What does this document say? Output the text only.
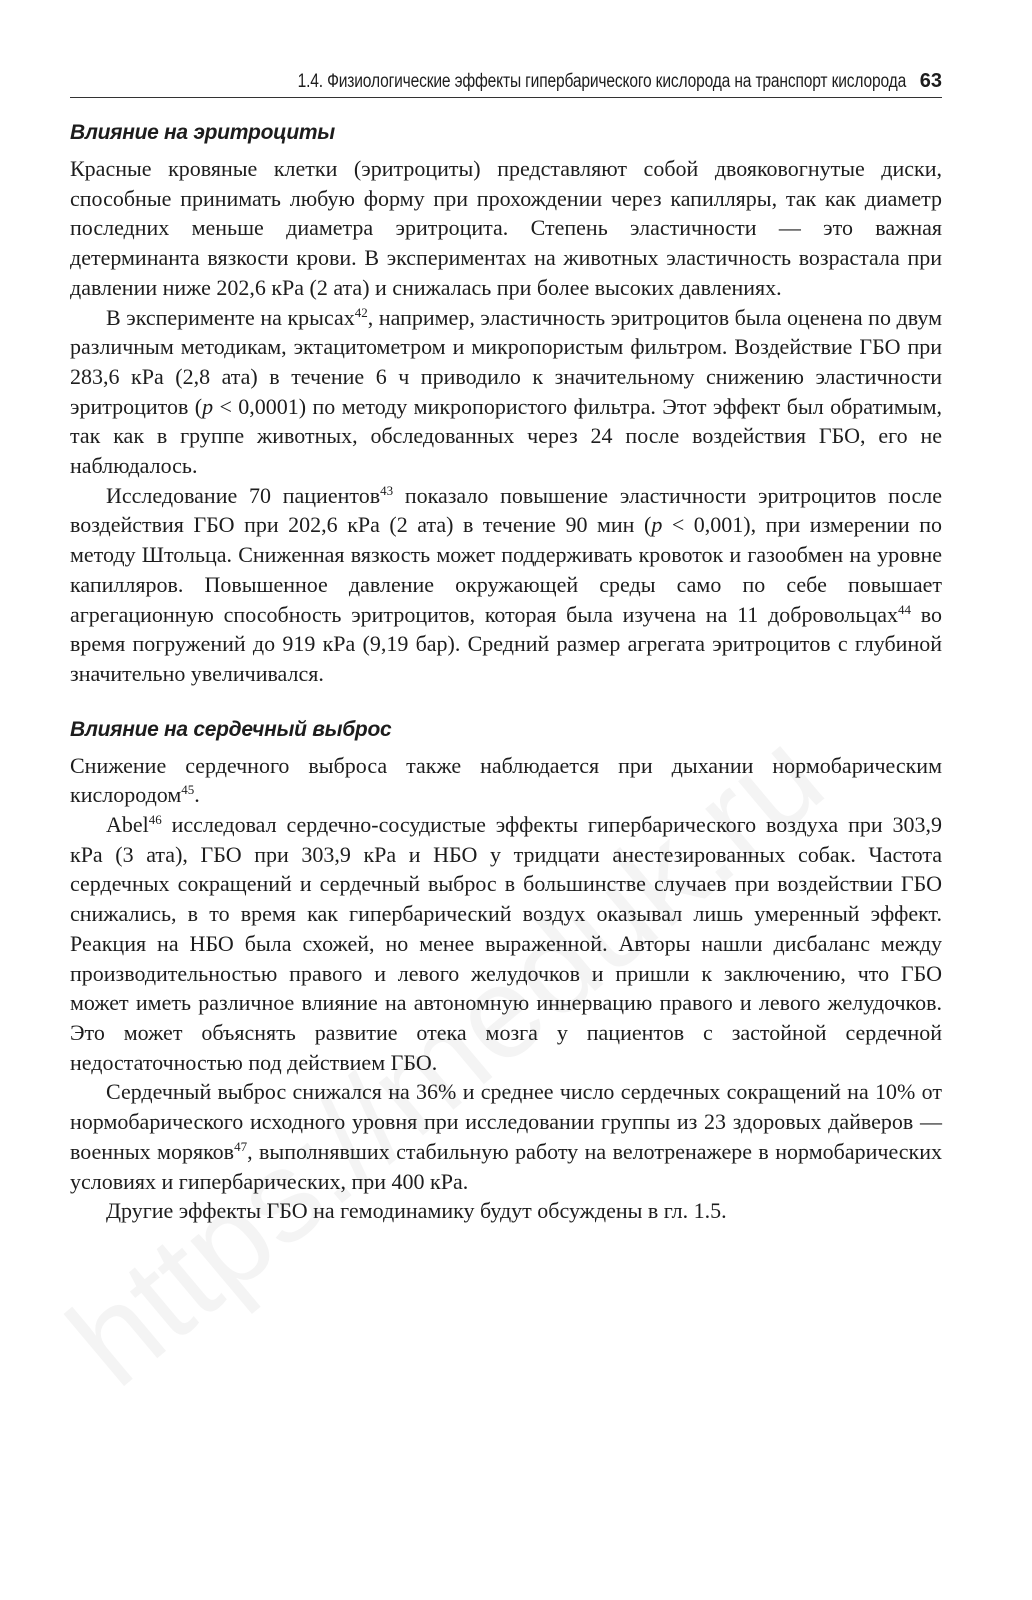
1.4. Физиологические эффекты гипербарического кислорода на транспорт кислорода 63
Влияние на эритроциты

Красные кровяные клетки (эритроциты) представляют собой двояковогнутые диски, способные принимать любую форму при прохождении через капилляры, так как диаметр последних меньше диаметра эритроцита. Степень эластичности — это важная детерминанта вязкости крови. В экспериментах на животных эластичность возрастала при давлении ниже 202,6 кРа (2 ата) и снижалась при более высоких давлениях.

В эксперименте на крысах$^{42}$, например, эластичность эритроцитов была оценена по двум различным методикам, эктацитометром и микропористым фильтром. Воздействие ГБО при 283,6 кРа (2,8 ата) в течение 6 ч приводило к значительному снижению эластичности эритроцитов (p < 0,0001) по методу микропористого фильтра. Этот эффект был обратимым, так как в группе животных, обследованных через 24 после воздействия ГБО, его не наблюдалось.

Исследование 70 пациентов$^{43}$ показало повышение эластичности эритроцитов после воздействия ГБО при 202,6 кРа (2 ата) в течение 90 мин (p < 0,001), при измерении по методу Штольца. Сниженная вязкость может поддерживать кровоток и газообмен на уровне капилляров. Повышенное давление окружающей среды само по себе повышает агрегационную способность эритроцитов, которая была изучена на 11 добровольцах$^{44}$ во время погружений до 919 кРа (9,19 бар). Средний размер агрегата эритроцитов с глубиной значительно увеличивался.

Влияние на сердечный выброс

Снижение сердечного выброса также наблюдается при дыхании нормобарическим кислородом$^{45}$.

Abel$^{46}$ исследовал сердечно-сосудистые эффекты гипербарического воздуха при 303,9 кРа (3 ата), ГБО при 303,9 кРа и НБО у тридцати анестезированных собак. Частота сердечных сокращений и сердечный выброс в большинстве случаев при воздействии ГБО снижались, в то время как гипербарический воздух оказывал лишь умеренный эффект. Реакция на НБО была схожей, но менее выраженной. Авторы нашли дисбаланс между производительностью правого и левого желудочков и пришли к заключению, что ГБО может иметь различное влияние на автономную иннервацию правого и левого желудочков. Это может объяснять развитие отека мозга у пациентов с застойной сердечной недостаточностью под действием ГБО.

Сердечный выброс снижался на 36% и среднее число сердечных сокращений на 10% от нормобарического исходного уровня при исследовании группы из 23 здоровых дайверов — военных моряков$^{47}$, выполнявших стабильную работу на велотренажере в нормобарических условиях и гипербарических, при 400 кРа.

Другие эффекты ГБО на гемодинамику будут обсуждены в гл. 1.5.
